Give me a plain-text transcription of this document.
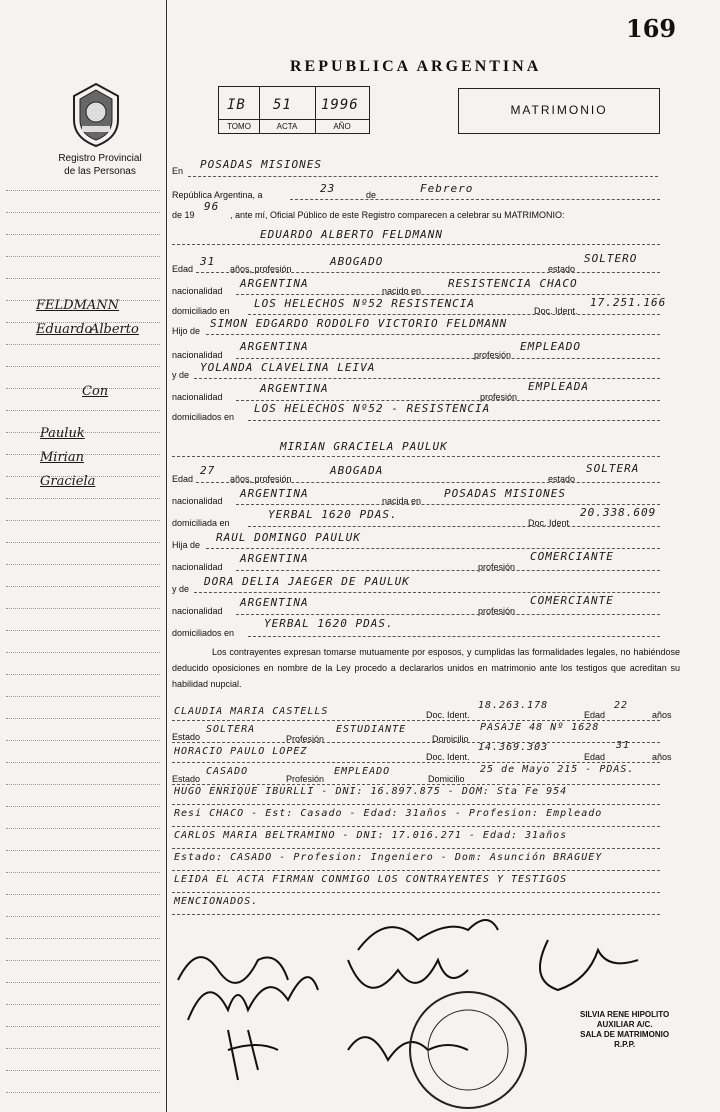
169
REPUBLICA ARGENTINA
Registro Provincial
de las Personas
IB 51 1996
TOMO	ACTA	AÑO
MATRIMONIO
En POSADAS MISIONES
República Argentina, a	23	de	Febrero
de 19
96
, ante mí, Oficial Público de este Registro comparecen a celebrar su MATRIMONIO:
EDUARDO ALBERTO FELDMANN
Edad
31
años, profesión
ABOGADO
estado
SOLTERO
nacionalidad
ARGENTINA
nacido en
RESISTENCIA CHACO
domiciliado en
LOS HELECHOS Nº52 RESISTENCIA
Doc. Ident.
17.251.166
Hijo de
SIMON EDGARDO RODOLFO VICTORIO FELDMANN
nacionalidad
ARGENTINA
profesión
EMPLEADO
y de
YOLANDA CLAVELINA LEIVA
nacionalidad
ARGENTINA
profesión
EMPLEADA
domiciliados en
LOS HELECHOS Nº52 - RESISTENCIA
MIRIAN GRACIELA PAULUK
Edad
27
años, profesión
ABOGADA
estado
SOLTERA
nacionalidad
ARGENTINA
nacida en
POSADAS MISIONES
domiciliada en
YERBAL 1620 PDAS.
Doc. Ident
20.338.609
Hija de
RAUL DOMINGO PAULUK
nacionalidad
ARGENTINA
profesión
COMERCIANTE
y de
DORA DELIA JAEGER DE PAULUK
nacionalidad
ARGENTINA
profesión
COMERCIANTE
domiciliados en
YERBAL 1620 PDAS.
Los contrayentes expresan tomarse mutuamente por esposos, y cumplidas las formalidades legales, no habiéndose deducido oposiciones en nombre de la Ley procedo a declararlos unidos en matrimonio ante los testigos que acreditan su habilidad nupcial.
CLAUDIA MARIA CASTELLS	Doc. Ident.
18.263.178
Edad
22
años
Estado
SOLTERA
Profesión
ESTUDIANTE
Domicilio
PASAJE 48 Nº 1628
HORACIO PAULO LOPEZ	Doc. Ident.
14.369.303
Edad
31
años
Estado
CASADO
Profesión
EMPLEADO
Domicilio
25 de Mayo 215 - PDAS.
HUGO ENRIQUE IBURLLI - DNI: 16.897.875 - DOM: Sta Fe 954
Resi CHACO - Est: Casado - Edad: 31años - Profesion: Empleado
CARLOS MARIA BELTRAMINO - DNI: 17.016.271 - Edad: 31años
Estado: CASADO - Profesion: Ingeniero - Dom: Asunción BRAGUEY
LEIDA EL ACTA FIRMAN CONMIGO LOS CONTRAYENTES Y TESTIGOS
MENCIONADOS.
FELDMANN
Eduardo
Alberto
Con
Pauluk
Mirian
Graciela
SILVIA RENE HIPOLITO
AUXILIAR A/C.
SALA DE MATRIMONIO
R.P.P.
